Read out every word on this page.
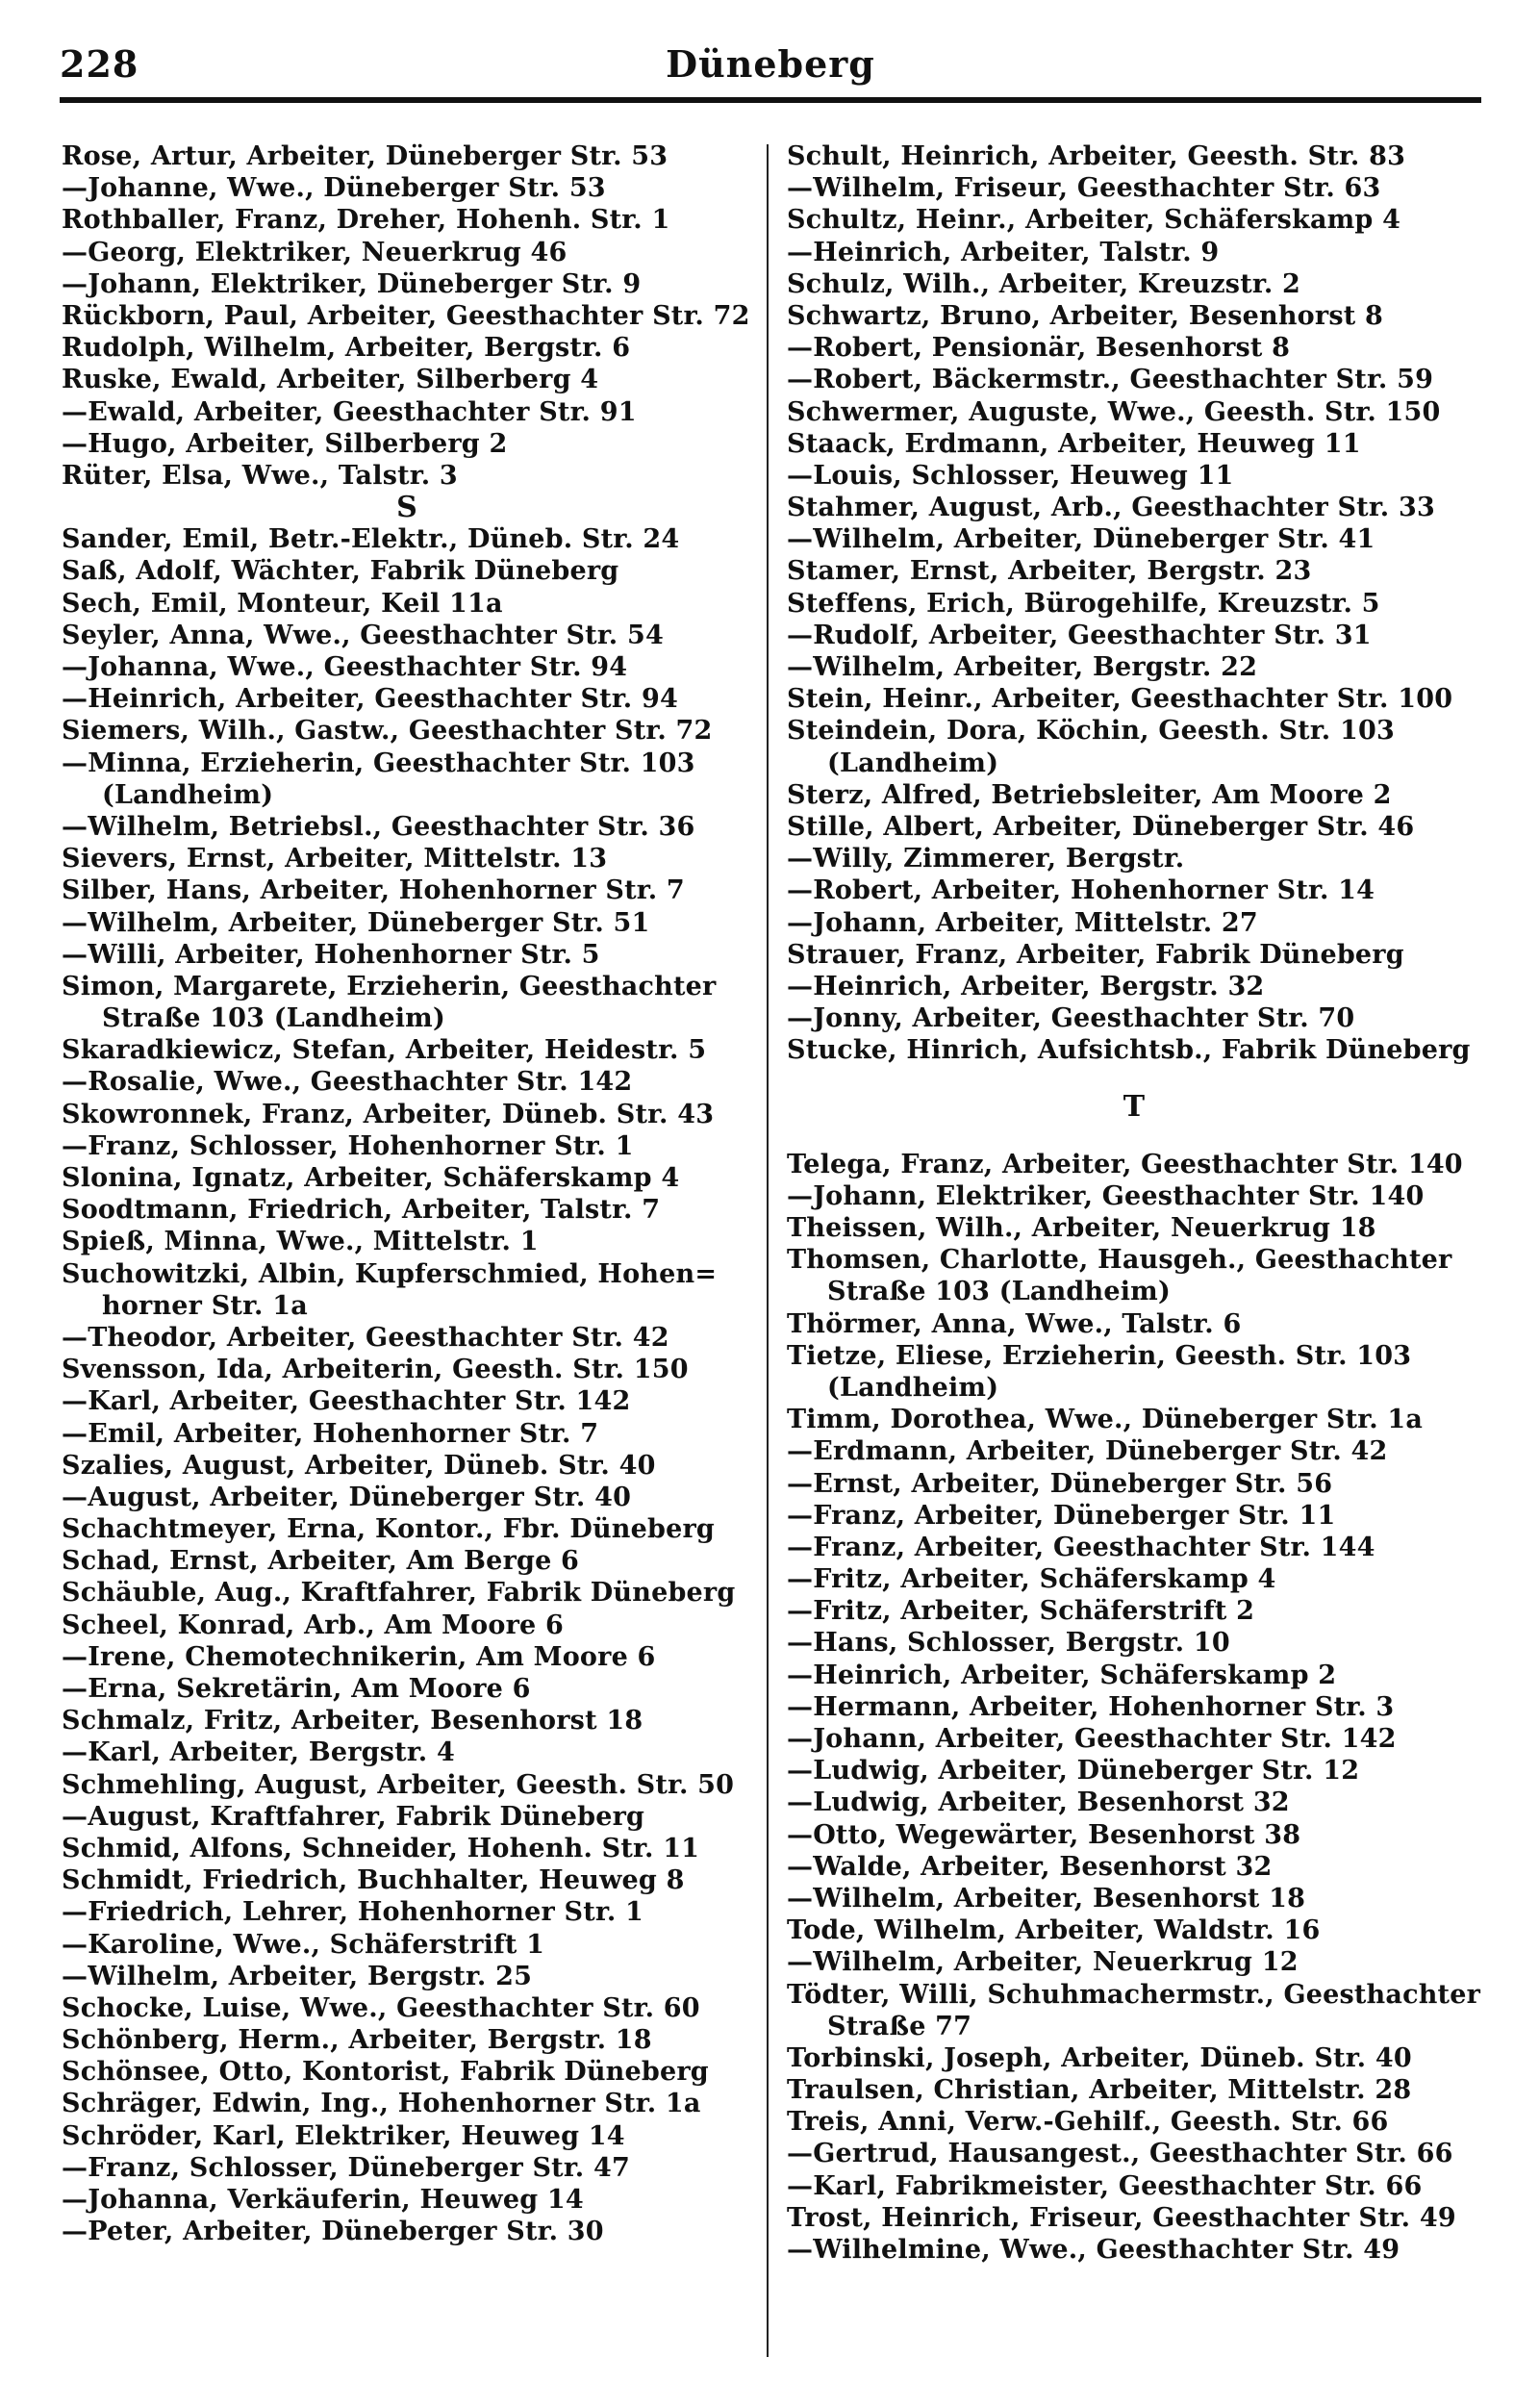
228	Düneberg
Rose, Artur, Arbeiter, Düneberger Str. 53
—Johanne, Wwe., Düneberger Str. 53
Rothballer, Franz, Dreher, Hohenh. Str. 1
—Georg, Elektriker, Neuerkrug 46
—Johann, Elektriker, Düneberger Str. 9
Rückborn, Paul, Arbeiter, Geesthachter Str. 72
Rudolph, Wilhelm, Arbeiter, Bergstr. 6
Ruske, Ewald, Arbeiter, Silberberg 4
—Ewald, Arbeiter, Geesthachter Str. 91
—Hugo, Arbeiter, Silberberg 2
Rüter, Elsa, Wwe., Talstr. 3
S
Sander, Emil, Betr.-Elektr., Düneb. Str. 24
Saß, Adolf, Wächter, Fabrik Düneberg
Sech, Emil, Monteur, Keil 11a
Seyler, Anna, Wwe., Geesthachter Str. 54
—Johanna, Wwe., Geesthachter Str. 94
—Heinrich, Arbeiter, Geesthachter Str. 94
Siemers, Wilh., Gastw., Geesthachter Str. 72
—Minna, Erzieherin, Geesthachter Str. 103
(Landheim)
—Wilhelm, Betriebsl., Geesthachter Str. 36
Sievers, Ernst, Arbeiter, Mittelstr. 13
Silber, Hans, Arbeiter, Hohenhorner Str. 7
—Wilhelm, Arbeiter, Düneberger Str. 51
—Willi, Arbeiter, Hohenhorner Str. 5
Simon, Margarete, Erzieherin, Geesthachter
Straße 103 (Landheim)
Skaradkiewicz, Stefan, Arbeiter, Heidestr. 5
—Rosalie, Wwe., Geesthachter Str. 142
Skowronnek, Franz, Arbeiter, Düneb. Str. 43
—Franz, Schlosser, Hohenhorner Str. 1
Slonina, Ignatz, Arbeiter, Schäferskamp 4
Soodtmann, Friedrich, Arbeiter, Talstr. 7
Spieß, Minna, Wwe., Mittelstr. 1
Suchowitzki, Albin, Kupferschmied, Hohen=
horner Str. 1a
—Theodor, Arbeiter, Geesthachter Str. 42
Svensson, Ida, Arbeiterin, Geesth. Str. 150
—Karl, Arbeiter, Geesthachter Str. 142
—Emil, Arbeiter, Hohenhorner Str. 7
Szalies, August, Arbeiter, Düneb. Str. 40
—August, Arbeiter, Düneberger Str. 40
Schachtmeyer, Erna, Kontor., Fbr. Düneberg
Schad, Ernst, Arbeiter, Am Berge 6
Schäuble, Aug., Kraftfahrer, Fabrik Düneberg
Scheel, Konrad, Arb., Am Moore 6
—Irene, Chemotechnikerin, Am Moore 6
—Erna, Sekretärin, Am Moore 6
Schmalz, Fritz, Arbeiter, Besenhorst 18
—Karl, Arbeiter, Bergstr. 4
Schmehling, August, Arbeiter, Geesth. Str. 50
—August, Kraftfahrer, Fabrik Düneberg
Schmid, Alfons, Schneider, Hohenh. Str. 11
Schmidt, Friedrich, Buchhalter, Heuweg 8
—Friedrich, Lehrer, Hohenhorner Str. 1
—Karoline, Wwe., Schäferstrift 1
—Wilhelm, Arbeiter, Bergstr. 25
Schocke, Luise, Wwe., Geesthachter Str. 60
Schönberg, Herm., Arbeiter, Bergstr. 18
Schönsee, Otto, Kontorist, Fabrik Düneberg
Schräger, Edwin, Ing., Hohenhorner Str. 1a
Schröder, Karl, Elektriker, Heuweg 14
—Franz, Schlosser, Düneberger Str. 47
—Johanna, Verkäuferin, Heuweg 14
—Peter, Arbeiter, Düneberger Str. 30
Schult, Heinrich, Arbeiter, Geesth. Str. 83
—Wilhelm, Friseur, Geesthachter Str. 63
Schultz, Heinr., Arbeiter, Schäferskamp 4
—Heinrich, Arbeiter, Talstr. 9
Schulz, Wilh., Arbeiter, Kreuzstr. 2
Schwartz, Bruno, Arbeiter, Besenhorst 8
—Robert, Pensionär, Besenhorst 8
—Robert, Bäckermstr., Geesthachter Str. 59
Schwermer, Auguste, Wwe., Geesth. Str. 150
Staack, Erdmann, Arbeiter, Heuweg 11
—Louis, Schlosser, Heuweg 11
Stahmer, August, Arb., Geesthachter Str. 33
—Wilhelm, Arbeiter, Düneberger Str. 41
Stamer, Ernst, Arbeiter, Bergstr. 23
Steffens, Erich, Bürogehilfe, Kreuzstr. 5
—Rudolf, Arbeiter, Geesthachter Str. 31
—Wilhelm, Arbeiter, Bergstr. 22
Stein, Heinr., Arbeiter, Geesthachter Str. 100
Steindein, Dora, Köchin, Geesth. Str. 103
(Landheim)
Sterz, Alfred, Betriebsleiter, Am Moore 2
Stille, Albert, Arbeiter, Düneberger Str. 46
—Willy, Zimmerer, Bergstr.
—Robert, Arbeiter, Hohenhorner Str. 14
—Johann, Arbeiter, Mittelstr. 27
Strauer, Franz, Arbeiter, Fabrik Düneberg
—Heinrich, Arbeiter, Bergstr. 32
—Jonny, Arbeiter, Geesthachter Str. 70
Stucke, Hinrich, Aufsichtsb., Fabrik Düneberg
T
Telega, Franz, Arbeiter, Geesthachter Str. 140
—Johann, Elektriker, Geesthachter Str. 140
Theissen, Wilh., Arbeiter, Neuerkrug 18
Thomsen, Charlotte, Hausgeh., Geesthachter
Straße 103 (Landheim)
Thörmer, Anna, Wwe., Talstr. 6
Tietze, Eliese, Erzieherin, Geesth. Str. 103
(Landheim)
Timm, Dorothea, Wwe., Düneberger Str. 1a
—Erdmann, Arbeiter, Düneberger Str. 42
—Ernst, Arbeiter, Düneberger Str. 56
—Franz, Arbeiter, Düneberger Str. 11
—Franz, Arbeiter, Geesthachter Str. 144
—Fritz, Arbeiter, Schäferskamp 4
—Fritz, Arbeiter, Schäferstrift 2
—Hans, Schlosser, Bergstr. 10
—Heinrich, Arbeiter, Schäferskamp 2
—Hermann, Arbeiter, Hohenhorner Str. 3
—Johann, Arbeiter, Geesthachter Str. 142
—Ludwig, Arbeiter, Düneberger Str. 12
—Ludwig, Arbeiter, Besenhorst 32
—Otto, Wegewärter, Besenhorst 38
—Walde, Arbeiter, Besenhorst 32
—Wilhelm, Arbeiter, Besenhorst 18
Tode, Wilhelm, Arbeiter, Waldstr. 16
—Wilhelm, Arbeiter, Neuerkrug 12
Tödter, Willi, Schuhmachermstr., Geesthachter
Straße 77
Torbinski, Joseph, Arbeiter, Düneb. Str. 40
Traulsen, Christian, Arbeiter, Mittelstr. 28
Treis, Anni, Verw.-Gehilf., Geesth. Str. 66
—Gertrud, Hausangest., Geesthachter Str. 66
—Karl, Fabrikmeister, Geesthachter Str. 66
Trost, Heinrich, Friseur, Geesthachter Str. 49
—Wilhelmine, Wwe., Geesthachter Str. 49
